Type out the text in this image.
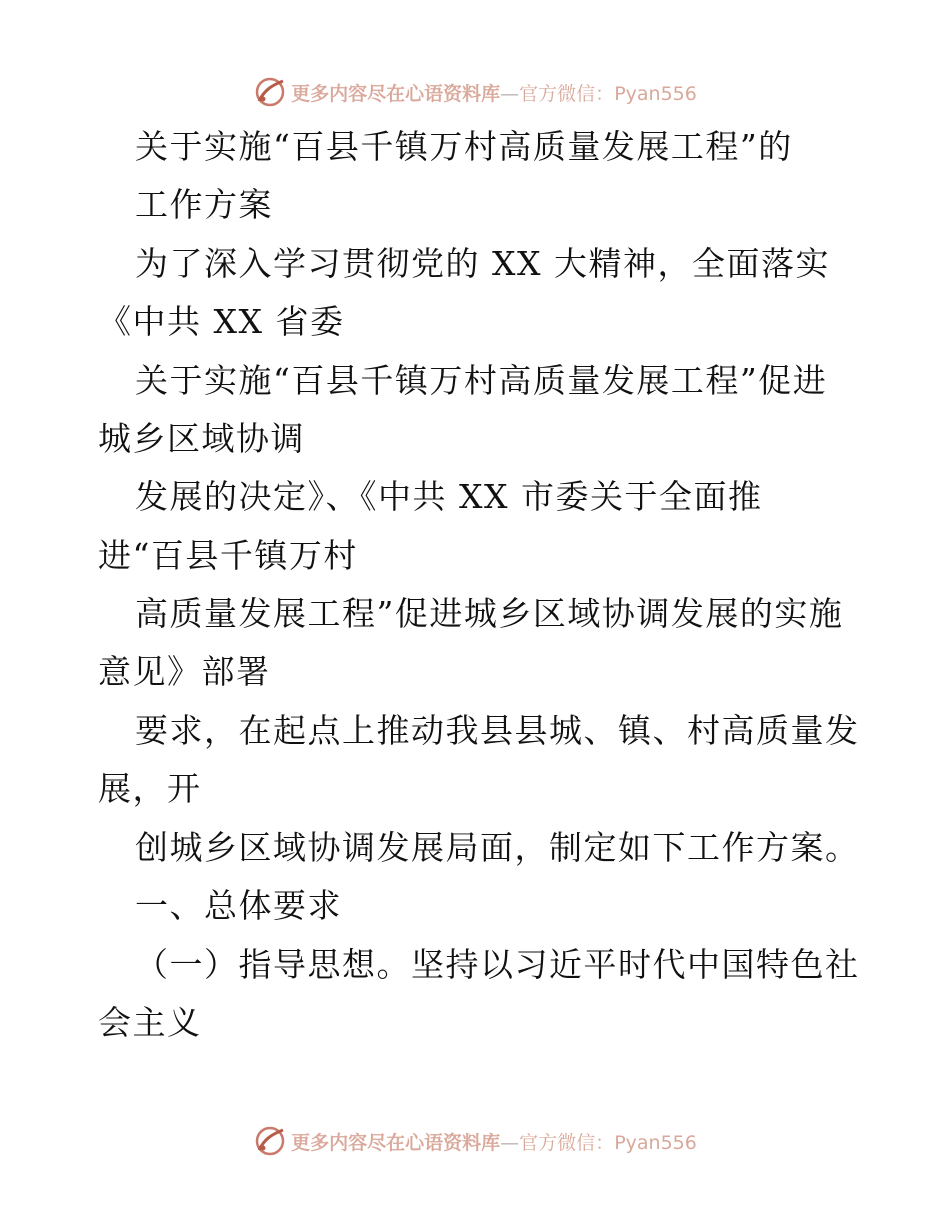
更多内容尽在心语资料库—官方微信：Pyan556
关于实施“百县千镇万村高质量发展工程”的
工作方案
为了深入学习贯彻党的 XX 大精神，全面落实
《中共 XX 省委
关于实施“百县千镇万村高质量发展工程”促进
城乡区域协调
发展的决定》、《中共 XX 市委关于全面推
进“百县千镇万村
高质量发展工程”促进城乡区域协调发展的实施
意见》部署
要求，在起点上推动我县县城、镇、村高质量发
展，开
创城乡区域协调发展局面，制定如下工作方案。
一、总体要求
（一）指导思想。坚持以习近平时代中国特色社
会主义
更多内容尽在心语资料库—官方微信：Pyan556
